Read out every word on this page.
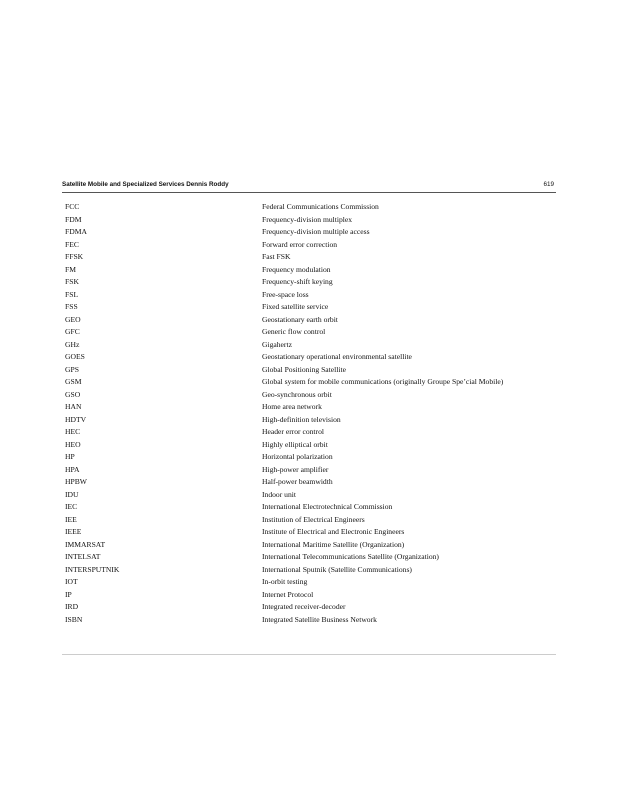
Satellite Mobile and Specialized Services Dennis Roddy	619
FCC	Federal Communications Commission
FDM	Frequency-division multiplex
FDMA	Frequency-division multiple access
FEC	Forward error correction
FFSK	Fast FSK
FM	Frequency modulation
FSK	Frequency-shift keying
FSL	Free-space loss
FSS	Fixed satellite service
GEO	Geostationary earth orbit
GFC	Generic flow control
GHz	Gigahertz
GOES	Geostationary operational environmental satellite
GPS	Global Positioning Satellite
GSM	Global system for mobile communications (originally Groupe Spe’cial Mobile)
GSO	Geo-synchronous orbit
HAN	Home area network
HDTV	High-definition television
HEC	Header error control
HEO	Highly elliptical orbit
HP	Horizontal polarization
HPA	High-power amplifier
HPBW	Half-power beamwidth
IDU	Indoor unit
IEC	International Electrotechnical Commission
IEE	Institution of Electrical Engineers
IEEE	Institute of Electrical and Electronic Engineers
IMMARSAT	International Maritime Satellite (Organization)
INTELSAT	International Telecommunications Satellite (Organization)
INTERSPUTNIK	International Sputnik (Satellite Communications)
IOT	In-orbit testing
IP	Internet Protocol
IRD	Integrated receiver-decoder
ISBN	Integrated Satellite Business Network
